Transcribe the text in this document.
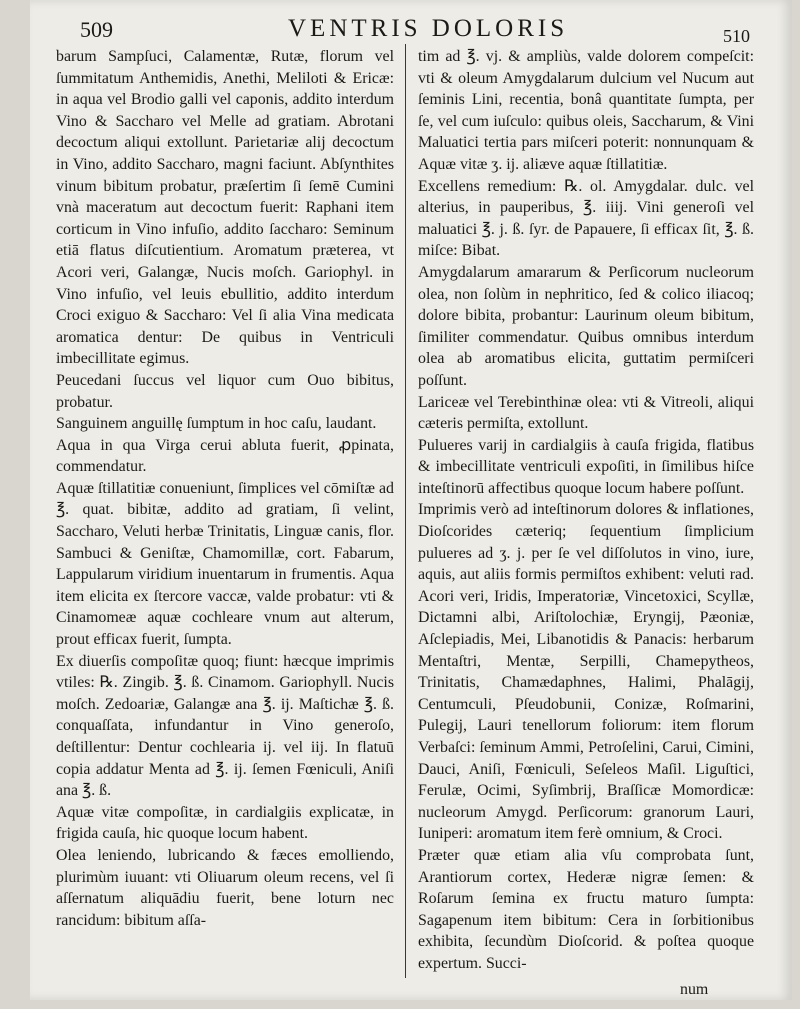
509	VENTRIS DOLORIS	510

barum Sampſuci, Calamentæ, Rutæ, florum vel ſummitatum Anthemidis, Anethi, Meliloti & Ericæ: in aqua vel Brodio galli vel caponis, addito interdum Vino & Saccharo vel Melle ad gratiam. Abrotani decoctum aliqui extollunt. Parietariæ alij decoctum in Vino, addito Saccharo, magni faciunt. Abſynthites vinum bibitum probatur, præſertim ſi ſemē Cumini vnà maceratum aut decoctum fuerit: Raphani item corticum in Vino infuſio, addito ſaccharo: Seminum etiā flatus diſcutientium. Aromatum præterea, vt Acori veri, Galangæ, Nucis moſch. Gariophyl. in Vino infuſio, vel leuis ebullitio, addito interdum Croci exiguo & Saccharo: Vel ſi alia Vina medicata aromatica dentur: De quibus in Ventriculi imbecillitate egimus.

Peucedani ſuccus vel liquor cum Ouo bibitus, probatur.

Sanguinem anguillę ſumptum in hoc caſu, laudant.

Aqua in qua Virga cerui abluta fuerit, ꝓpinata, commendatur.

Aquæ ſtillatitiæ conueniunt, ſimplices vel cōmiſtæ ad ℥. quat. bibitæ, addito ad gratiam, ſi velint, Saccharo, Veluti herbæ Trinitatis, Linguæ canis, flor. Sambuci & Geniſtæ, Chamomillæ, cort. Fabarum, Lappularum viridium inuentarum in frumentis. Aqua item elicita ex ſtercore vaccæ, valde probatur: vti & Cinamomeæ aquæ cochleare vnum aut alterum, prout efficax fuerit, ſumpta.

Ex diuerſis compoſitæ quoq; fiunt: hæcque imprimis vtiles: ℞. Zingib. ℥. ß. Cinamom. Gariophyll. Nucis moſch. Zedoariæ, Galangæ ana ℥. ij. Maſtichæ ℥. ß. conquaſſata, infundantur in Vino generoſo, deſtillentur: Dentur cochlearia ij. vel iij. In flatuū copia addatur Menta ad ℥. ij. ſemen Fœniculi, Aniſi ana ℥. ß.

Aquæ vitæ compoſitæ, in cardialgiis explicatæ, in frigida cauſa, hic quoque locum habent.

Olea leniendo, lubricando & fæces emolliendo, plurimùm iuuant: vti Oliuarum oleum recens, vel ſi aſſernatum aliquādiu fuerit, bene loturn nec rancidum: bibitum aſſa-

tim ad ℥. vj. & ampliùs, valde dolorem compeſcit: vti & oleum Amygdalarum dulcium vel Nucum aut ſeminis Lini, recentia, bonâ quantitate ſumpta, per ſe, vel cum iuſculo: quibus oleis, Saccharum, & Vini Maluatici tertia pars miſceri poterit: nonnunquam & Aquæ vitæ ʒ. ij. aliæve aquæ ſtillatitiæ.

Excellens remedium: ℞. ol. Amygdalar. dulc. vel alterius, in pauperibus, ℥. iiij. Vini generoſi vel maluatici ℥. j. ß. ſyr. de Papauere, ſi efficax ſit, ℥. ß. miſce: Bibat.

Amygdalarum amararum & Perſicorum nucleorum olea, non ſolùm in nephritico, ſed & colico iliacoq; dolore bibita, probantur: Laurinum oleum bibitum, ſimiliter commendatur. Quibus omnibus interdum olea ab aromatibus elicita, guttatim permiſceri poſſunt.

Lariceæ vel Terebinthinæ olea: vti & Vitreoli, aliqui cæteris permiſta, extollunt.

Pulueres varij in cardialgiis à cauſa frigida, flatibus & imbecillitate ventriculi expoſiti, in ſimilibus hiſce inteſtinorū affectibus quoque locum habere poſſunt.

Imprimis verò ad inteſtinorum dolores & inflationes, Dioſcorides cæteriq; ſequentium ſimplicium pulueres ad ʒ. j. per ſe vel diſſolutos in vino, iure, aquis, aut aliis formis permiſtos exhibent: veluti rad. Acori veri, Iridis, Imperatoriæ, Vincetoxici, Scyllæ, Dictamni albi, Ariſtolochiæ, Eryngij, Pæoniæ, Aſclepiadis, Mei, Libanotidis & Panacis: herbarum Mentaſtri, Mentæ, Serpilli, Chamepytheos, Trinitatis, Chamædaphnes, Halimi, Phalāgij, Centumculi, Pſeudobunii, Conizæ, Roſmarini, Pulegij, Lauri tenellorum foliorum: item florum Verbaſci: ſeminum Ammi, Petroſelini, Carui, Cimini, Dauci, Aniſi, Fœniculi, Seſeleos Maſil. Liguſtici, Ferulæ, Ocimi, Syſimbrij, Braſſicæ Momordicæ: nucleorum Amygd. Perſicorum: granorum Lauri, Iuniperi: aromatum item ferè omnium, & Croci.

Præter quæ etiam alia vſu comprobata ſunt, Arantiorum cortex, Hederæ nigræ ſemen: & Roſarum ſemina ex fructu maturo ſumpta: Sagapenum item bibitum: Cera in ſorbitionibus exhibita, ſecundùm Dioſcorid. & poſtea quoque expertum. Succi-

num
